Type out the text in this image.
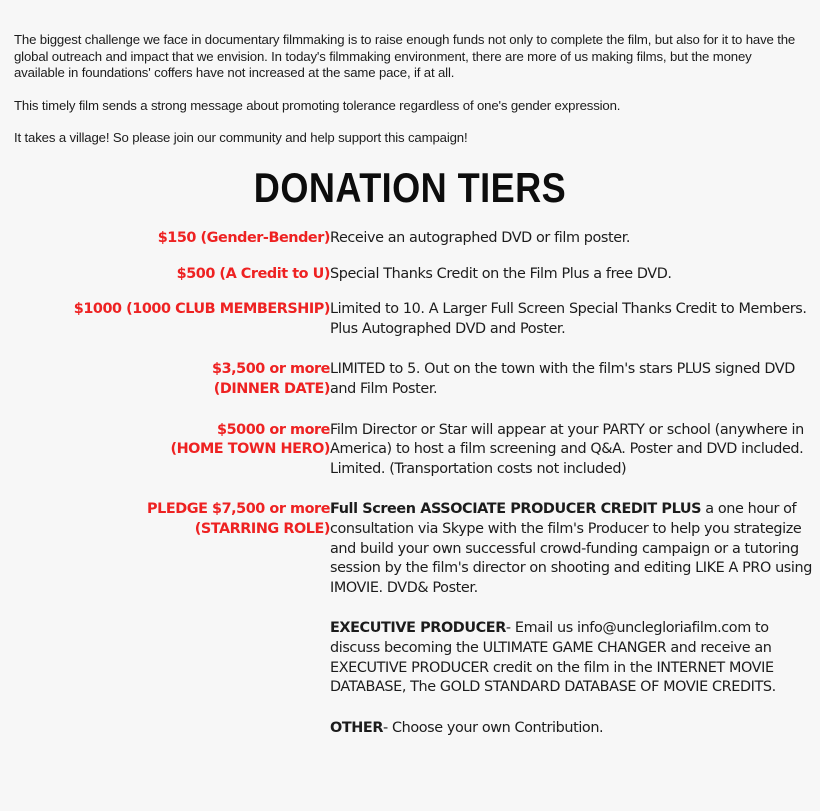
The biggest challenge we face in documentary filmmaking is to raise enough funds not only to complete the film, but also for it to have the global outreach and impact that we envision. In today's filmmaking environment, there are more of us making films, but the money available in foundations' coffers have not increased at the same pace, if at all.

This timely film sends a strong message about promoting tolerance regardless of one's gender expression.

It takes a village! So please join our community and help support this campaign!

DONATION TIERS
$150 (Gender-Bender)	Receive an autographed DVD or film poster.

$500 (A Credit to U)	Special Thanks Credit on the Film Plus a free DVD.

$1000 (1000 CLUB MEMBERSHIP)	Limited to 10. A Larger Full Screen Special Thanks Credit to Members. Plus Autographed DVD and Poster.

$3,500 or more
(DINNER DATE)	LIMITED to 5. Out on the town with the film's stars PLUS signed DVD and Film Poster.

$5000 or more
(HOME TOWN HERO)	Film Director or Star will appear at your PARTY or school (anywhere in America) to host a film screening and Q&A. Poster and DVD included. Limited. (Transportation costs not included)

PLEDGE $7,500 or more
(STARRING ROLE)	Full Screen ASSOCIATE PRODUCER CREDIT PLUS a one hour of consultation via Skype with the film's Producer to help you strategize and build your own successful crowd-funding campaign or a tutoring session by the film's director on shooting and editing LIKE A PRO using IMOVIE. DVD& Poster.

	EXECUTIVE PRODUCER- Email us info@unclegloriafilm.com to discuss becoming the ULTIMATE GAME CHANGER and receive an EXECUTIVE PRODUCER credit on the film in the INTERNET MOVIE DATABASE, The GOLD STANDARD DATABASE OF MOVIE CREDITS.

	OTHER- Choose your own Contribution.
